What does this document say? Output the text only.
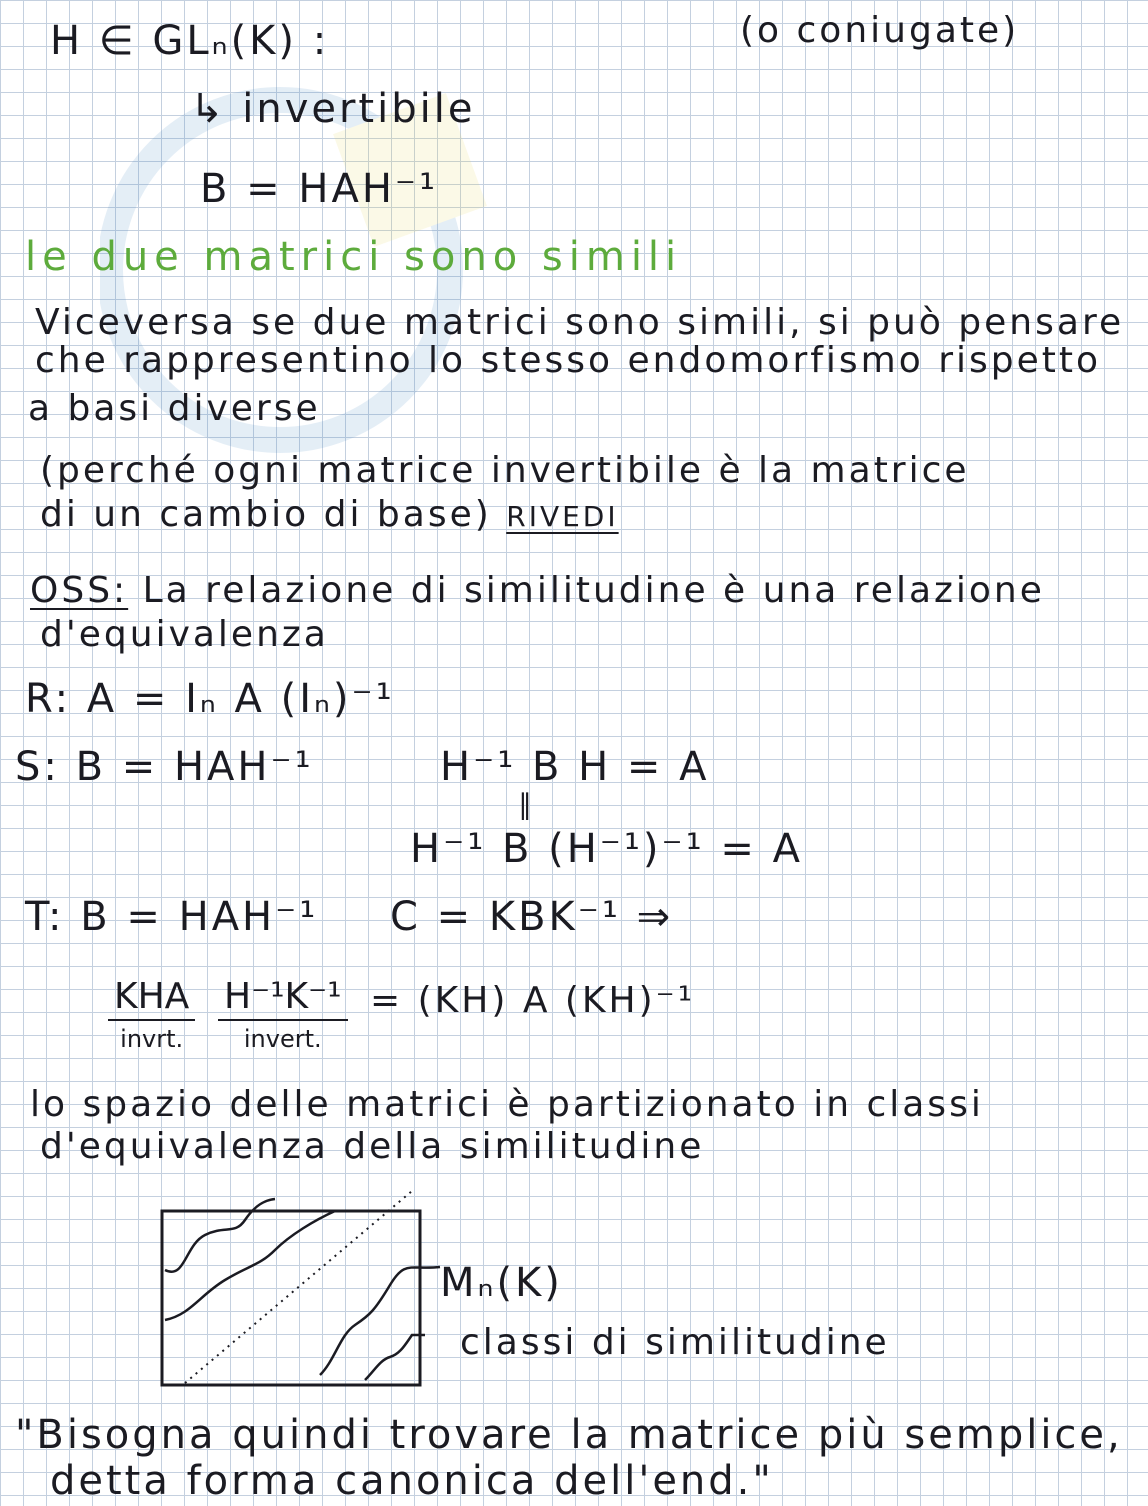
H ∈ GLₙ(K) :	(o coniugate)
↳ invertibile
B = HAH⁻¹
le due matrici sono simili
Viceversa se due matrici sono simili, si può pensare
che rappresentino lo stesso endomorfismo rispetto
a basi diverse
(perché ogni matrice invertibile è la matrice
di un cambio di base) RIVEDI
OSS: La relazione di similitudine è una relazione
d'equivalenza
R: A = Iₙ A (Iₙ)⁻¹
S: B = HAH⁻¹	H⁻¹ B H = A
∥
H⁻¹ B (H⁻¹)⁻¹ = A
T: B = HAH⁻¹ C = KBK⁻¹ ⇒
KHA
invrt.
H⁻¹K⁻¹
invert.
= (KH) A (KH)⁻¹
lo spazio delle matrici è partizionato in classi
d'equivalenza della similitudine
Mₙ(K)
classi di similitudine
"Bisogna quindi trovare la matrice più semplice,
detta forma canonica dell'end."
